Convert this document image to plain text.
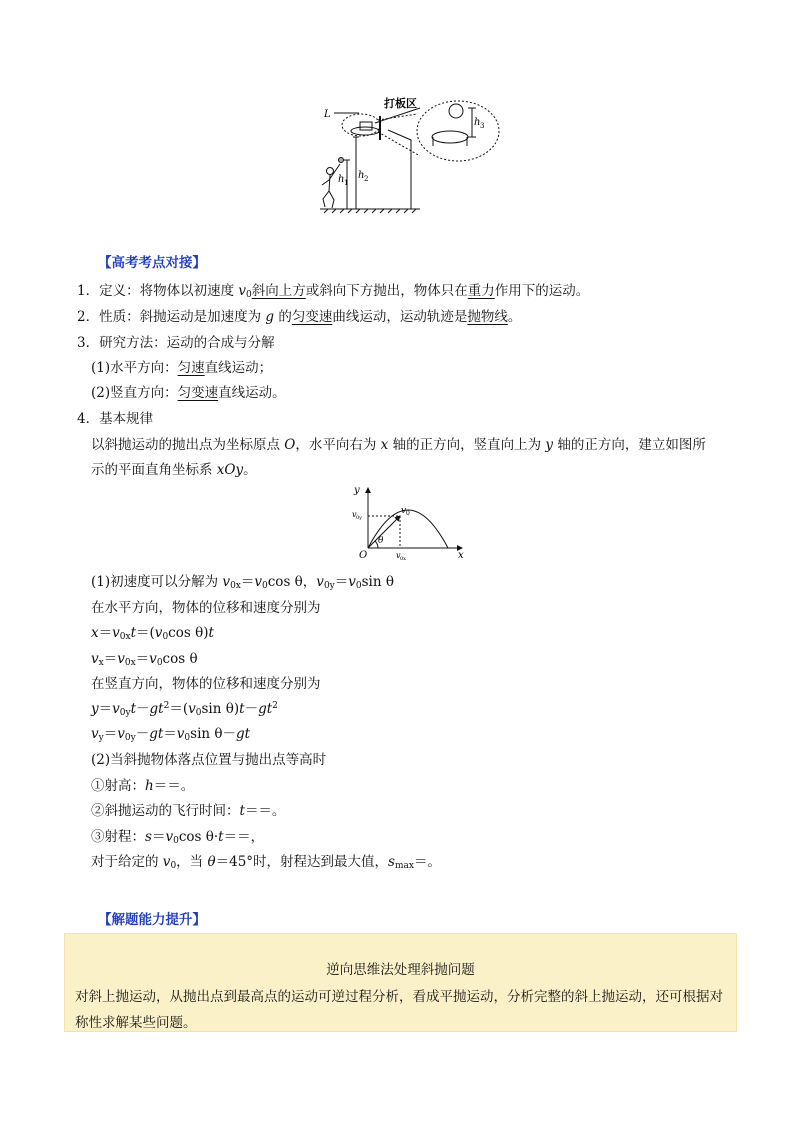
L
打板区
h 1
h 2
h 3
【高考考点对接】
1．定义：将物体以初速度 $v_0$斜向上方或斜向下方抛出，物体只在重力作用下的运动。
2．性质：斜抛运动是加速度为 g 的匀变速曲线运动，运动轨迹是抛物线。
3．研究方法：运动的合成与分解
(1)水平方向：匀速直线运动；
(2)竖直方向：匀变速直线运动。
4．基本规律
以斜抛运动的抛出点为坐标原点 O，水平向右为 x 轴的正方向，竖直向上为 y 轴的正方向，建立如图所
示的平面直角坐标系 xOy。
y
x
O
v 0
v 0y
v 0x
θ
(1)初速度可以分解为 $v_{0x}=v_0\cos$ θ，$v_{0y}=v_0\sin$ θ
在水平方向，物体的位移和速度分别为
$x=v_{0x}t=(v_0\cos$ θ)t
$v_x=v_{0x}=v_0\cos$ θ
在竖直方向，物体的位移和速度分别为
$y=v_{0y}t-gt^2=(v_0\sin$ $\theta)t-gt^2$
$v_y=v_{0y}-gt=v_0\sin$ θ－gt
(2)当斜抛物体落点位置与抛出点等高时
①射高：h＝＝。
②斜抛运动的飞行时间：t＝＝。
③射程：$s=v_0\cos$ θ·t＝＝，
对于给定的 $v_0$，当 θ＝45°时，射程达到最大值，$s_{max}=$。
【解题能力提升】
逆向思维法处理斜抛问题
对斜上抛运动，从抛出点到最高点的运动可逆过程分析，看成平抛运动，分析完整的斜上抛运动，还可根据对称性求解某些问题。
